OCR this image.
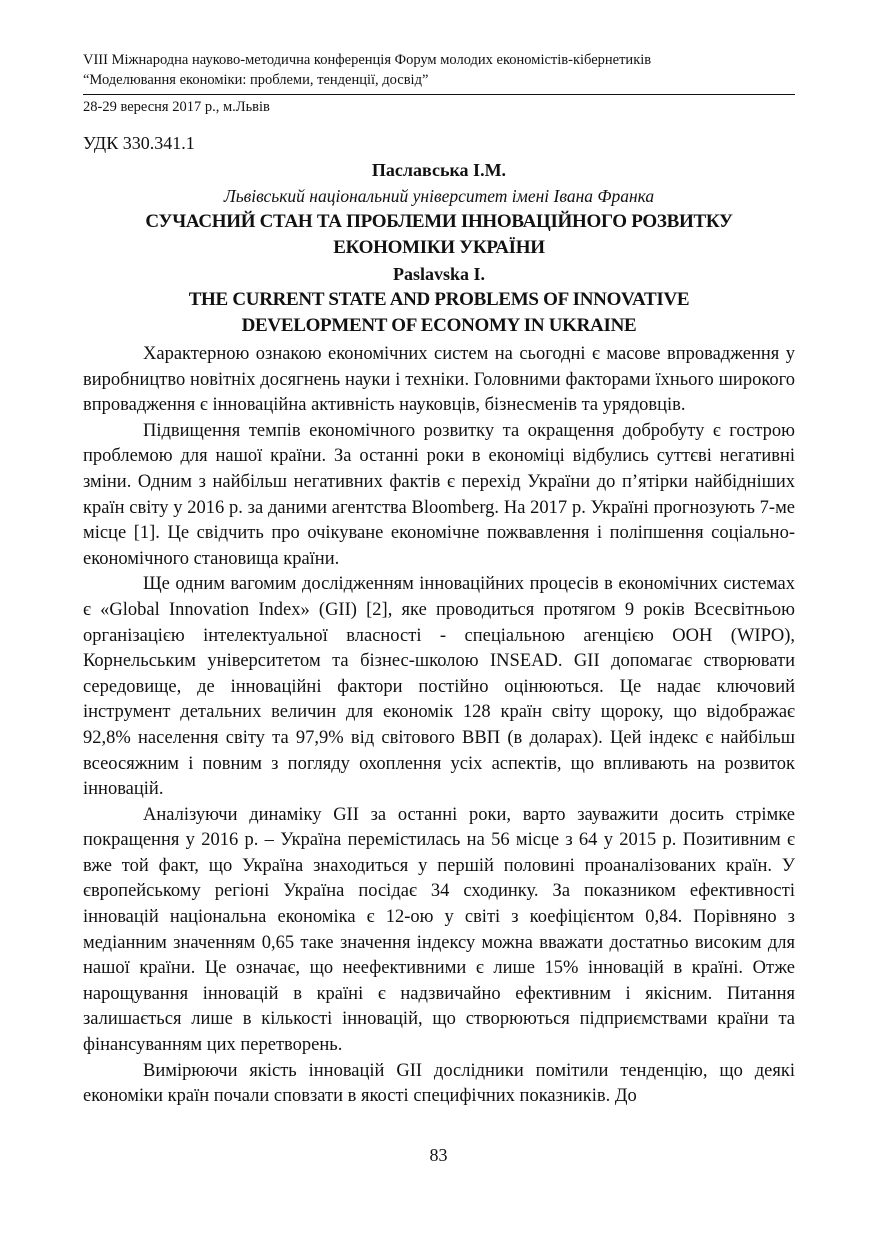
VIII Міжнародна науково-методична конференція Форум молодих економістів-кібернетиків
“Моделювання економіки: проблеми, тенденції, досвід”
28-29 вересня 2017 р., м.Львів
УДК 330.341.1
Паславська І.М.
Львівський національний університет імені Івана Франка
СУЧАСНИЙ СТАН ТА ПРОБЛЕМИ ІННОВАЦІЙНОГО РОЗВИТКУ
ЕКОНОМІКИ УКРАЇНИ
Paslavska I.
THE CURRENT STATE AND PROBLEMS OF INNOVATIVE
DEVELOPMENT OF ECONOMY IN UKRAINE

Характерною ознакою економічних систем на сьогодні є масове впровадження у виробництво новітніх досягнень науки і техніки. Головними факторами їхнього широкого впровадження є інноваційна активність науковців, бізнесменів та урядовців.

Підвищення темпів економічного розвитку та окращення добробуту є гострою проблемою для нашої країни. За останні роки в економіці відбулись суттєві негативні зміни. Одним з найбільш негативних фактів є перехід України до п’ятірки найбідніших країн світу у 2016 р. за даними агентства Bloomberg. На 2017 р. Україні прогнозують 7-ме місце [1]. Це свідчить про очікуване економічне пожвавлення і поліпшення соціально-економічного становища країни.

Ще одним вагомим дослідженням інноваційних процесів в економічних системах є «Global Innovation Index» (GII) [2], яке проводиться протягом 9 років Всесвітньою організацією інтелектуальної власності - спеціальною агенцією ООН (WIPO), Корнельським університетом та бізнес-школою INSEAD. GII допомагає створювати середовище, де інноваційні фактори постійно оцінюються. Це надає ключовий інструмент детальних величин для економік 128 країн світу щороку, що відображає 92,8% населення світу та 97,9% від світового ВВП (в доларах). Цей індекс є найбільш всеосяжним і повним з погляду охоплення усіх аспектів, що впливають на розвиток інновацій.

Аналізуючи динаміку GII за останні роки, варто зауважити досить стрімке покращення у 2016 р. – Україна перемістилась на 56 місце з 64 у 2015 р. Позитивним є вже той факт, що Україна знаходиться у першій половині проаналізованих країн. У європейському регіоні Україна посідає 34 сходинку. За показником ефективності інновацій національна економіка є 12-ою у світі з коефіцієнтом 0,84. Порівняно з медіанним значенням 0,65 таке значення індексу можна вважати достатньо високим для нашої країни. Це означає, що неефективними є лише 15% інновацій в країні. Отже нарощування інновацій в країні є надзвичайно ефективним і якісним. Питання залишається лише в кількості інновацій, що створюються підприємствами країни та фінансуванням цих перетворень.

Вимірюючи якість інновацій GII дослідники помітили тенденцію, що деякі економіки країн почали сповзати в якості специфічних показників. До

83
